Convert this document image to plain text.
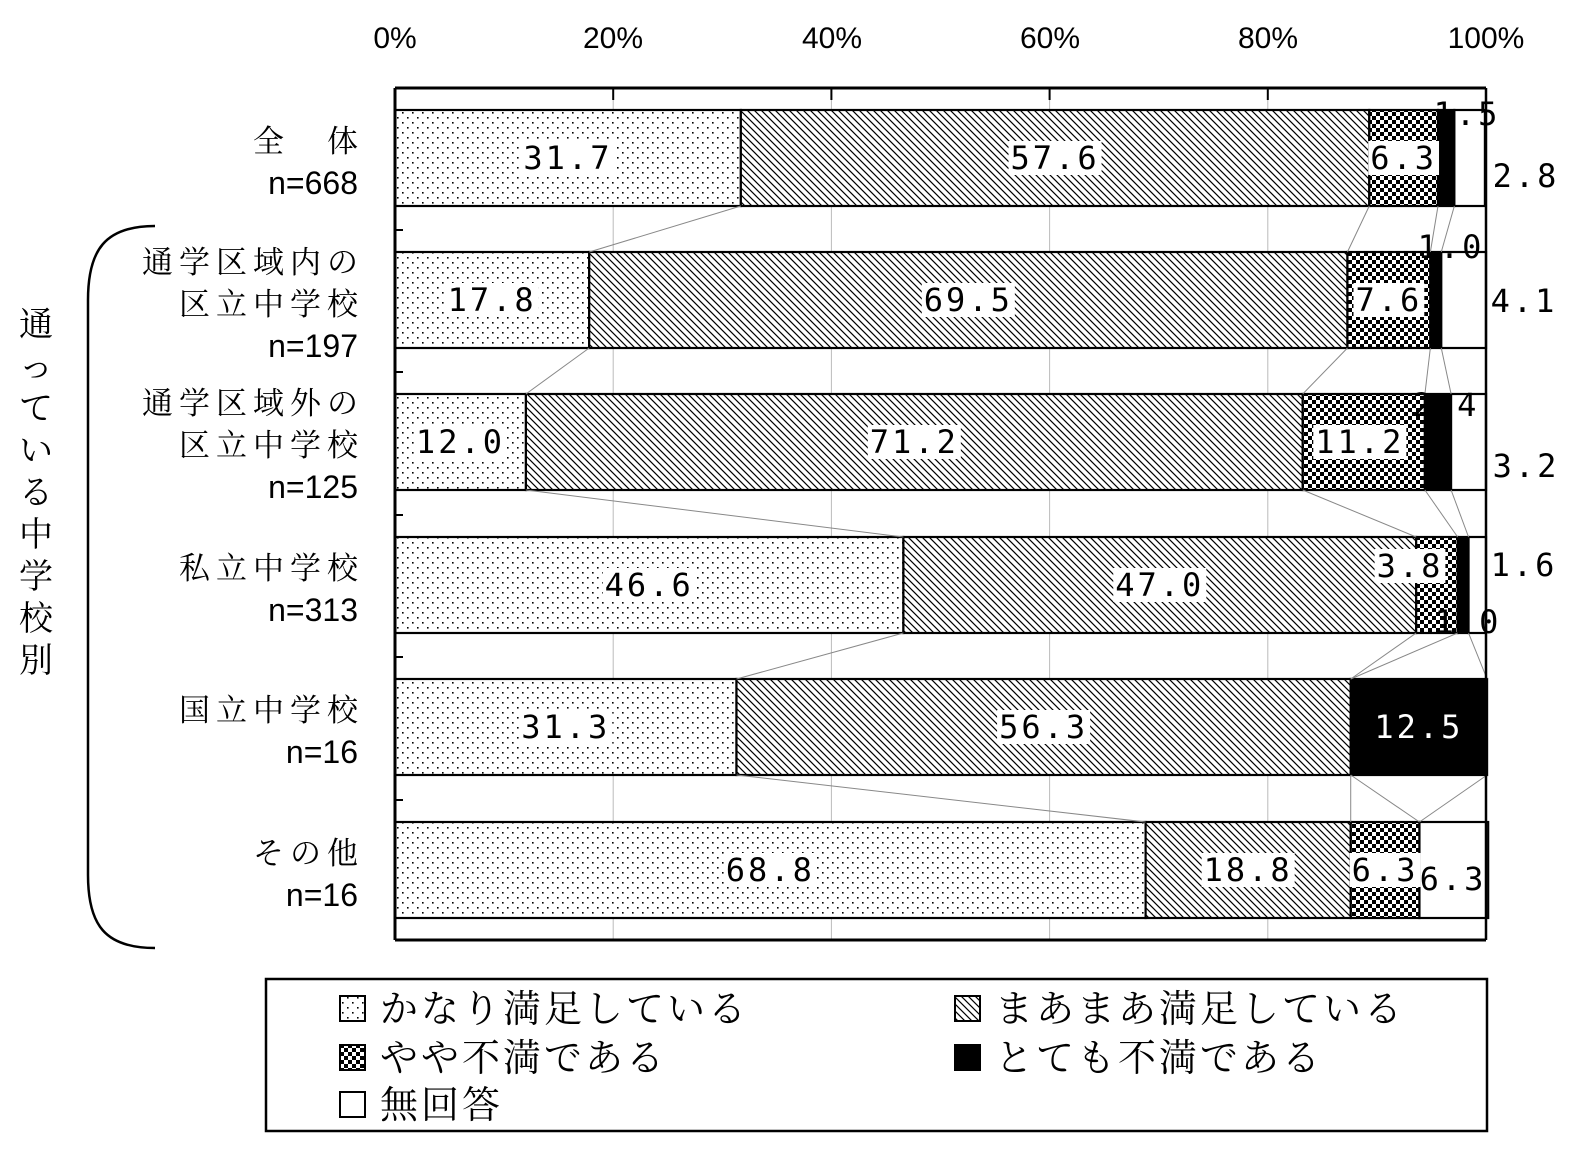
0%	20%	40%	60%	80%	100%
全　体
n=668
通学区域内の
区立中学校
n=197
通学区域外の
区立中学校
n=125
私立中学校
n=313
国立中学校
n=16
その他
n=16
通
っ
て
い
る
中
学
校
別
31.7	57.6
17.8	69.5
12.0	71.2
46.6	47.0
31.3	56.3
68.8	18.8
6.3
7.6
11.2
3.8
6.3
1.5
1.0
2.4
1.0
12.5
2.8
4.1
3.2
1.6
6.3
かなり満足している	まあまあ満足している
やや不満である	とても不満である
無回答
